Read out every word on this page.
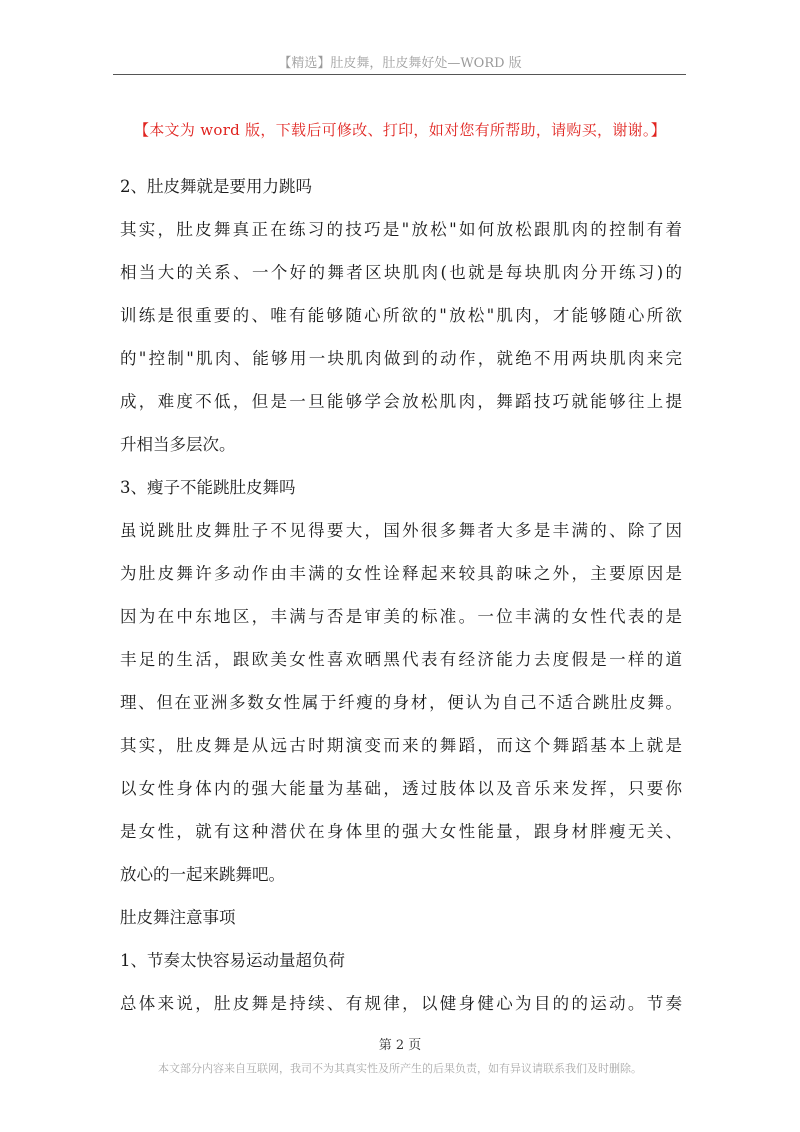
【精选】肚皮舞，肚皮舞好处—WORD 版
【本文为 word 版，下载后可修改、打印，如对您有所帮助，请购买，谢谢。】
2、肚皮舞就是要用力跳吗
其实，肚皮舞真正在练习的技巧是"放松"如何放松跟肌肉的控制有着
相当大的关系、一个好的舞者区块肌肉(也就是每块肌肉分开练习)的
训练是很重要的、唯有能够随心所欲的"放松"肌肉，才能够随心所欲
的"控制"肌肉、能够用一块肌肉做到的动作，就绝不用两块肌肉来完
成，难度不低，但是一旦能够学会放松肌肉，舞蹈技巧就能够往上提
升相当多层次。
3、瘦子不能跳肚皮舞吗
虽说跳肚皮舞肚子不见得要大，国外很多舞者大多是丰满的、除了因
为肚皮舞许多动作由丰满的女性诠释起来较具韵味之外，主要原因是
因为在中东地区，丰满与否是审美的标准。一位丰满的女性代表的是
丰足的生活，跟欧美女性喜欢晒黑代表有经济能力去度假是一样的道
理、但在亚洲多数女性属于纤瘦的身材，便认为自己不适合跳肚皮舞。
其实，肚皮舞是从远古时期演变而来的舞蹈，而这个舞蹈基本上就是
以女性身体内的强大能量为基础，透过肢体以及音乐来发挥，只要你
是女性，就有这种潜伏在身体里的强大女性能量，跟身材胖瘦无关、
放心的一起来跳舞吧。
肚皮舞注意事项
1、节奏太快容易运动量超负荷
总体来说，肚皮舞是持续、有规律，以健身健心为目的的运动。节奏
第 2 页
本文部分内容来自互联网，我司不为其真实性及所产生的后果负责，如有异议请联系我们及时删除。
